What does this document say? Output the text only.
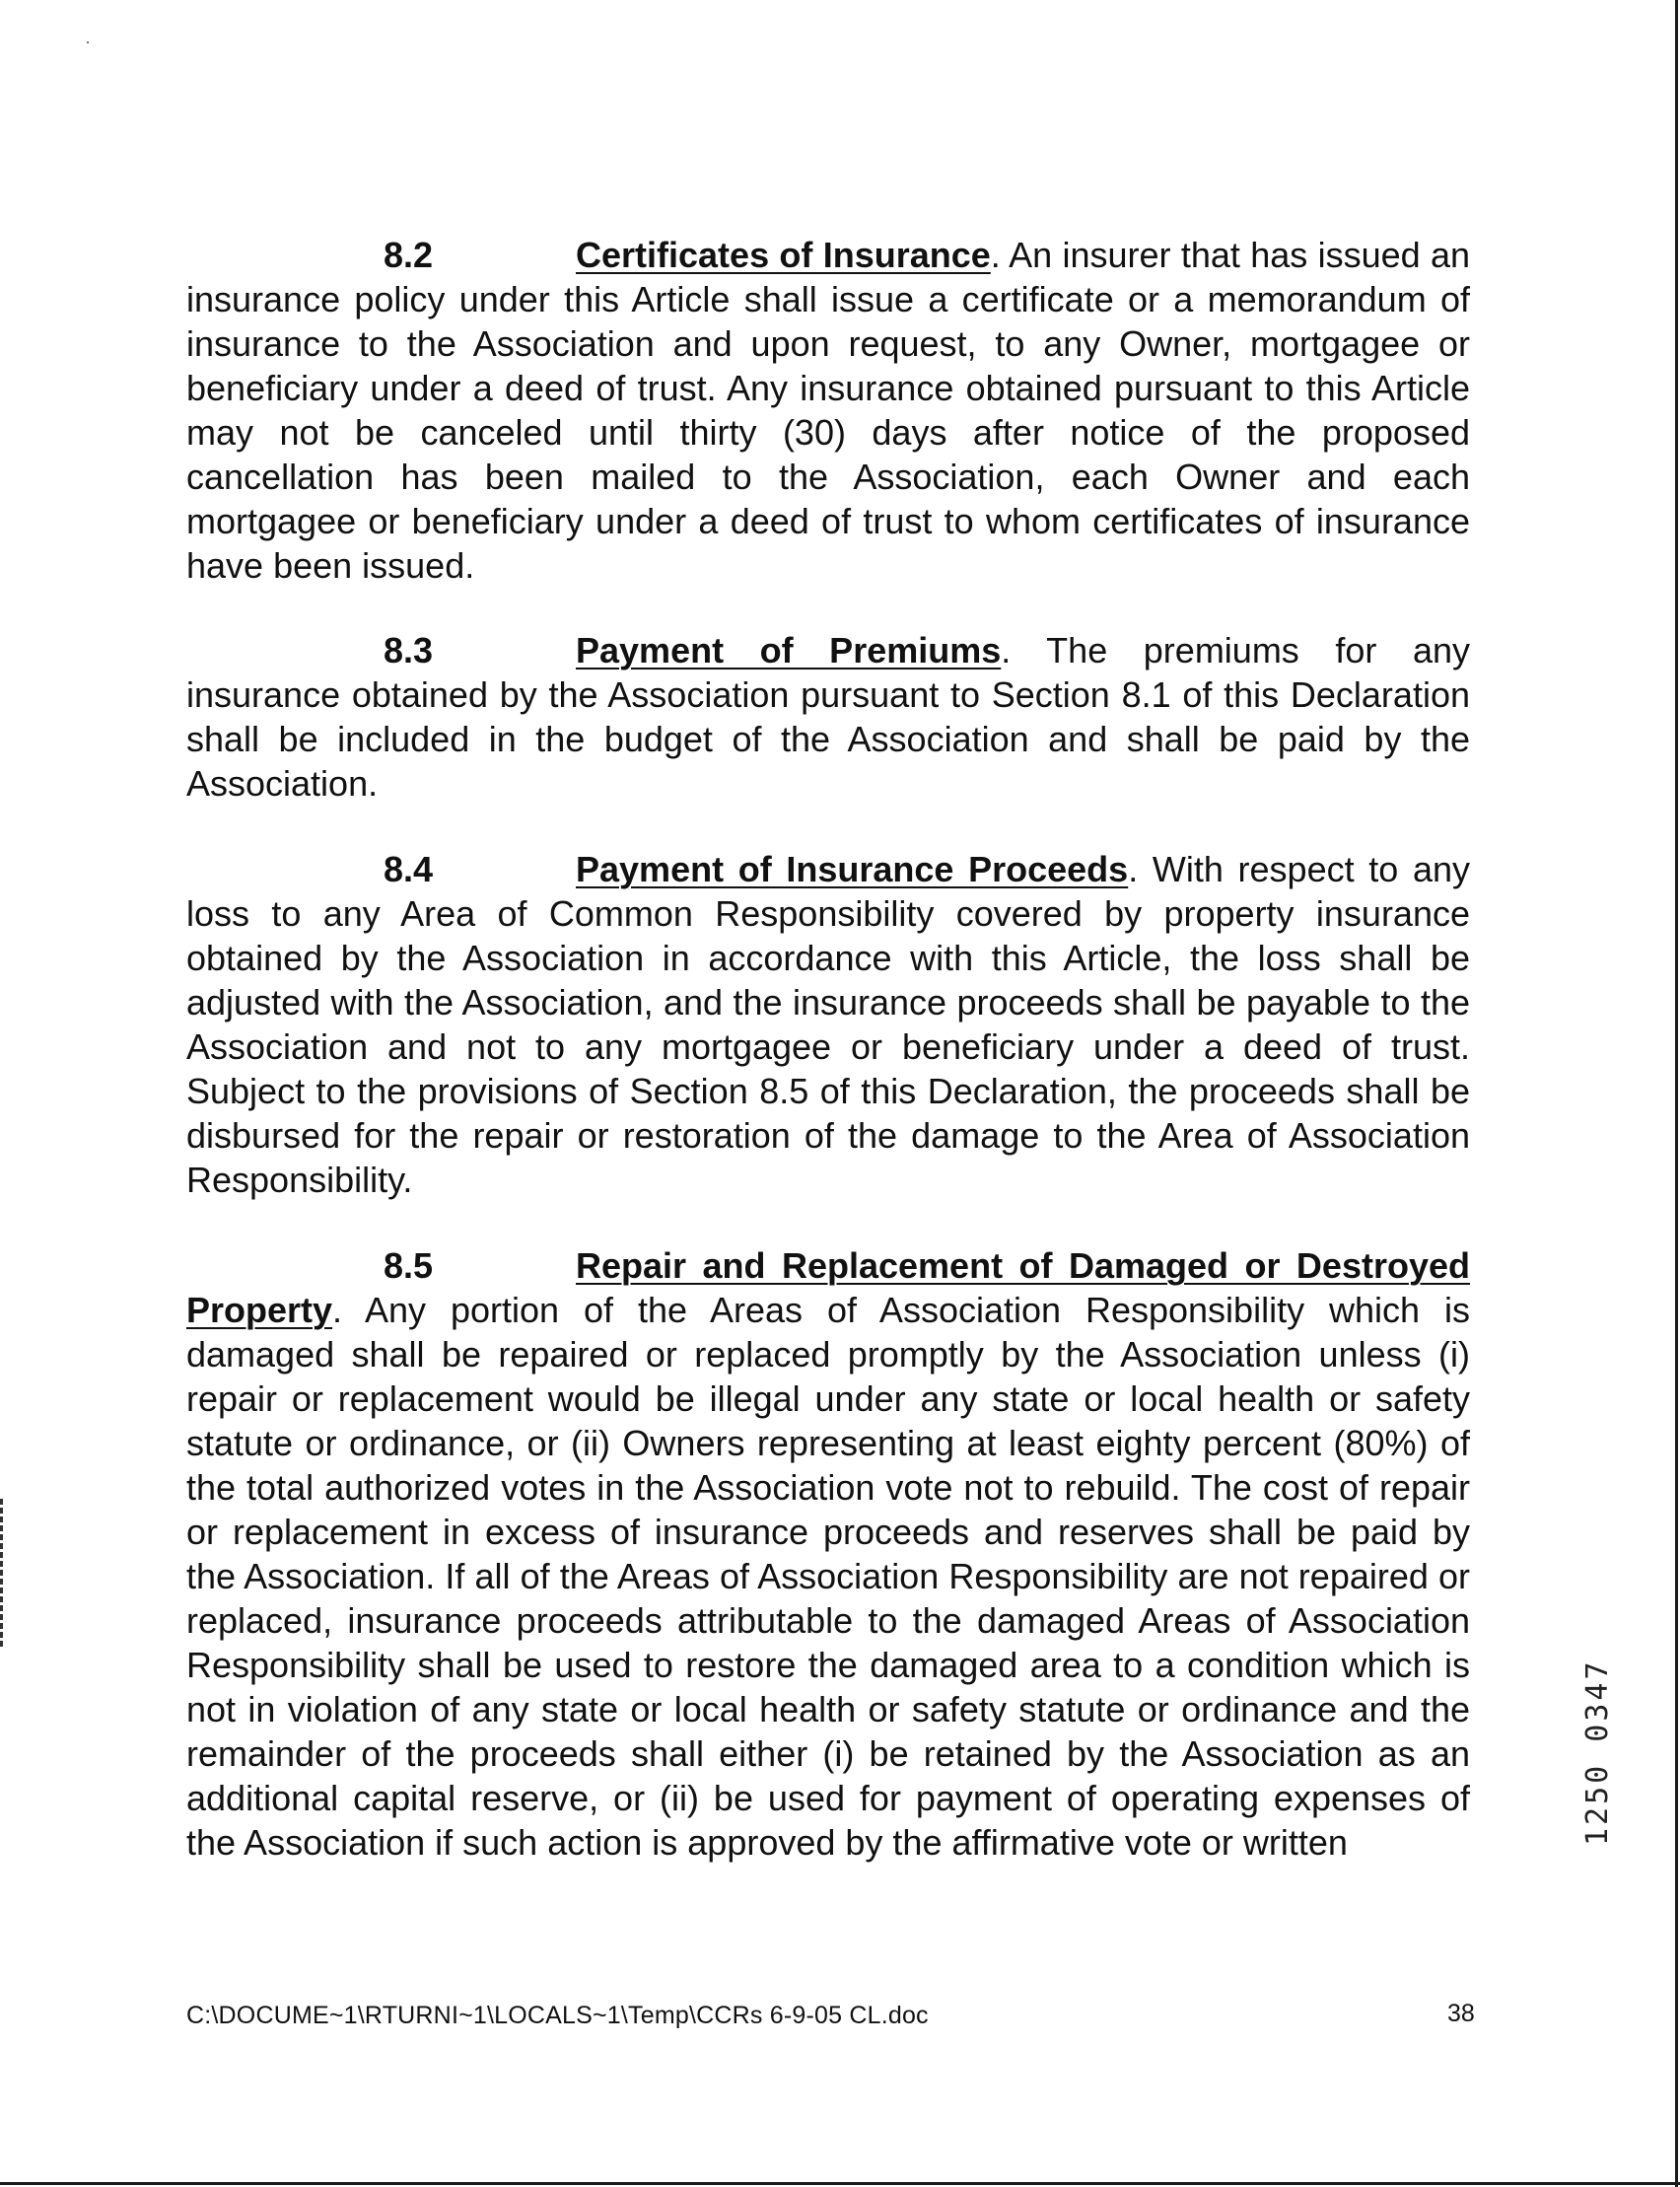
8.2	Certificates of Insurance. An insurer that has issued an insurance policy under this Article shall issue a certificate or a memorandum of insurance to the Association and upon request, to any Owner, mortgagee or beneficiary under a deed of trust. Any insurance obtained pursuant to this Article may not be canceled until thirty (30) days after notice of the proposed cancellation has been mailed to the Association, each Owner and each mortgagee or beneficiary under a deed of trust to whom certificates of insurance have been issued.

8.3	Payment of Premiums. The premiums for any insurance obtained by the Association pursuant to Section 8.1 of this Declaration shall be included in the budget of the Association and shall be paid by the Association.

8.4	Payment of Insurance Proceeds. With respect to any loss to any Area of Common Responsibility covered by property insurance obtained by the Association in accordance with this Article, the loss shall be adjusted with the Association, and the insurance proceeds shall be payable to the Association and not to any mortgagee or beneficiary under a deed of trust. Subject to the provisions of Section 8.5 of this Declaration, the proceeds shall be disbursed for the repair or restoration of the damage to the Area of Association Responsibility.

8.5	Repair and Replacement of Damaged or Destroyed Property. Any portion of the Areas of Association Responsibility which is damaged shall be repaired or replaced promptly by the Association unless (i) repair or replacement would be illegal under any state or local health or safety statute or ordinance, or (ii) Owners representing at least eighty percent (80%) of the total authorized votes in the Association vote not to rebuild. The cost of repair or replacement in excess of insurance proceeds and reserves shall be paid by the Association. If all of the Areas of Association Responsibility are not repaired or replaced, insurance proceeds attributable to the damaged Areas of Association Responsibility shall be used to restore the damaged area to a condition which is not in violation of any state or local health or safety statute or ordinance and the remainder of the proceeds shall either (i) be retained by the Association as an additional capital reserve, or (ii) be used for payment of operating expenses of the Association if such action is approved by the affirmative vote or written

C:\DOCUME~1\RTURNI~1\LOCALS~1\Temp\CCRs 6-9-05 CL.doc	38
1250 0347
